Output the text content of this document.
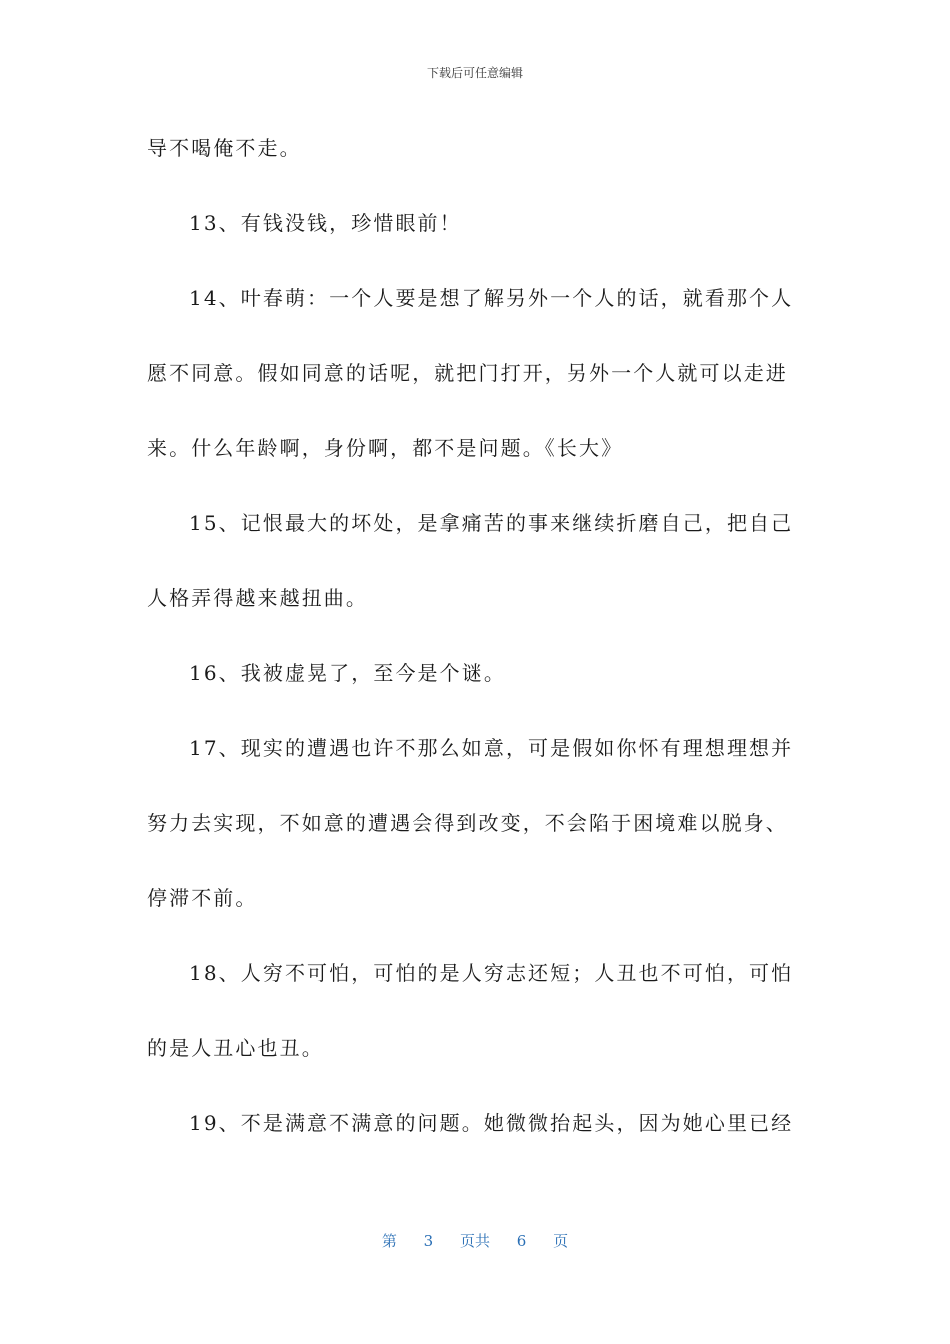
下载后可任意编辑
导不喝俺不走。
13、有钱没钱，珍惜眼前！
14、叶春萌：一个人要是想了解另外一个人的话，就看那个人
愿不同意。假如同意的话呢，就把门打开，另外一个人就可以走进
来。什么年龄啊，身份啊，都不是问题。《长大》
15、记恨最大的坏处，是拿痛苦的事来继续折磨自己，把自己
人格弄得越来越扭曲。
16、我被虚晃了，至今是个谜。
17、现实的遭遇也许不那么如意，可是假如你怀有理想理想并
努力去实现，不如意的遭遇会得到改变，不会陷于困境难以脱身、
停滞不前。
18、人穷不可怕，可怕的是人穷志还短；人丑也不可怕，可怕
的是人丑心也丑。
19、不是满意不满意的问题。她微微抬起头，因为她心里已经
第 3 页共 6 页
